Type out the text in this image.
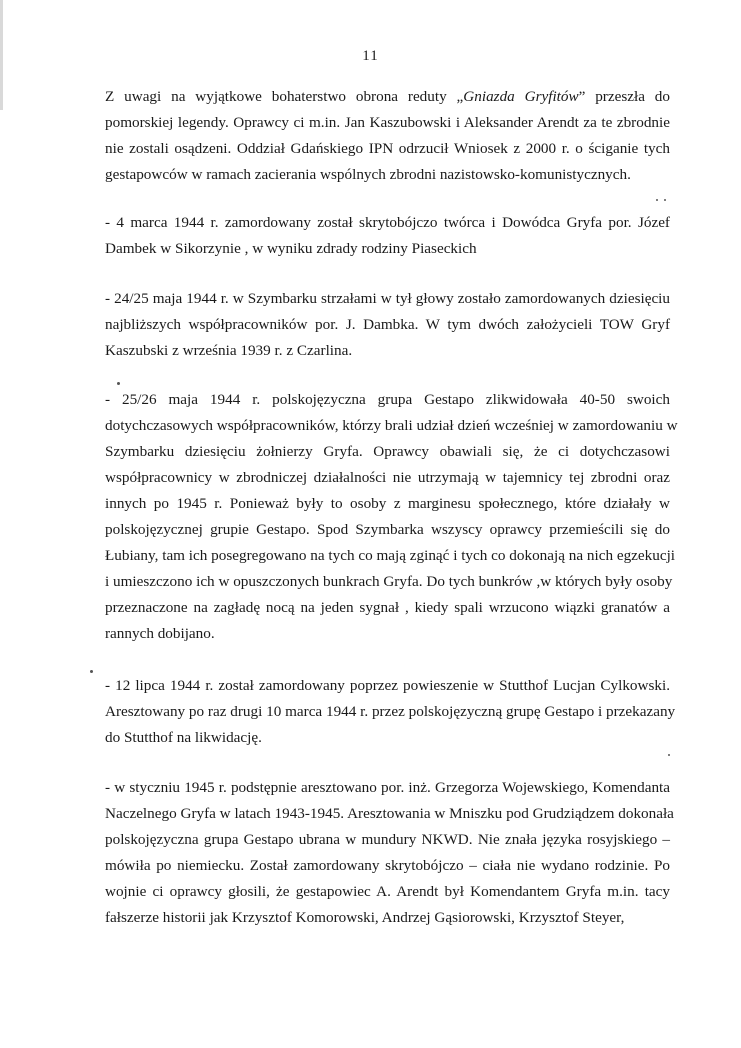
11
Z uwagi na wyjątkowe bohaterstwo obrona reduty „Gniazda Gryfitów” przeszła do
pomorskiej legendy. Oprawcy ci m.in. Jan Kaszubowski i Aleksander Arendt za te zbrodnie
nie zostali osądzeni. Oddział Gdańskiego IPN odrzucił Wniosek z 2000 r. o ściganie tych
gestapowców w ramach zacierania wspólnych zbrodni nazistowsko-komunistycznych.
- 4 marca 1944 r. zamordowany został skrytobójczo twórca i Dowódca Gryfa por. Józef
Dambek w Sikorzynie , w wyniku zdrady rodziny Piaseckich
- 24/25 maja 1944 r. w Szymbarku strzałami w tył głowy zostało zamordowanych dziesięciu
najbliższych współpracowników por. J. Dambka. W tym dwóch założycieli TOW Gryf
Kaszubski z września 1939 r. z Czarlina.
- 25/26 maja 1944 r. polskojęzyczna grupa Gestapo zlikwidowała 40-50 swoich
dotychczasowych współpracowników, którzy brali udział dzień wcześniej w zamordowaniu w
Szymbarku dziesięciu żołnierzy Gryfa. Oprawcy obawiali się, że ci dotychczasowi
współpracownicy w zbrodniczej działalności nie utrzymają w tajemnicy tej zbrodni oraz
innych po 1945 r. Ponieważ były to osoby z marginesu społecznego, które działały w
polskojęzycznej grupie Gestapo. Spod Szymbarka wszyscy oprawcy przemieścili się do
Łubiany, tam ich posegregowano na tych co mają zginąć i tych co dokonają na nich egzekucji
i umieszczono ich w opuszczonych bunkrach Gryfa. Do tych bunkrów ,w których były osoby
przeznaczone na zagładę nocą na jeden sygnał , kiedy spali wrzucono wiązki granatów a
rannych dobijano.
- 12 lipca 1944 r. został zamordowany poprzez powieszenie w Stutthof Lucjan Cylkowski.
Aresztowany po raz drugi 10 marca 1944 r. przez polskojęzyczną grupę Gestapo i przekazany
do Stutthof na likwidację.
- w styczniu 1945 r. podstępnie aresztowano por. inż. Grzegorza Wojewskiego, Komendanta
Naczelnego Gryfa w latach 1943-1945. Aresztowania w Mniszku pod Grudziądzem dokonała
polskojęzyczna grupa Gestapo ubrana w mundury NKWD. Nie znała języka rosyjskiego –
mówiła po niemiecku. Został zamordowany skrytobójczo – ciała nie wydano rodzinie. Po
wojnie ci oprawcy głosili, że gestapowiec A. Arendt był Komendantem Gryfa m.in. tacy
fałszerze historii jak Krzysztof Komorowski, Andrzej Gąsiorowski, Krzysztof Steyer,
